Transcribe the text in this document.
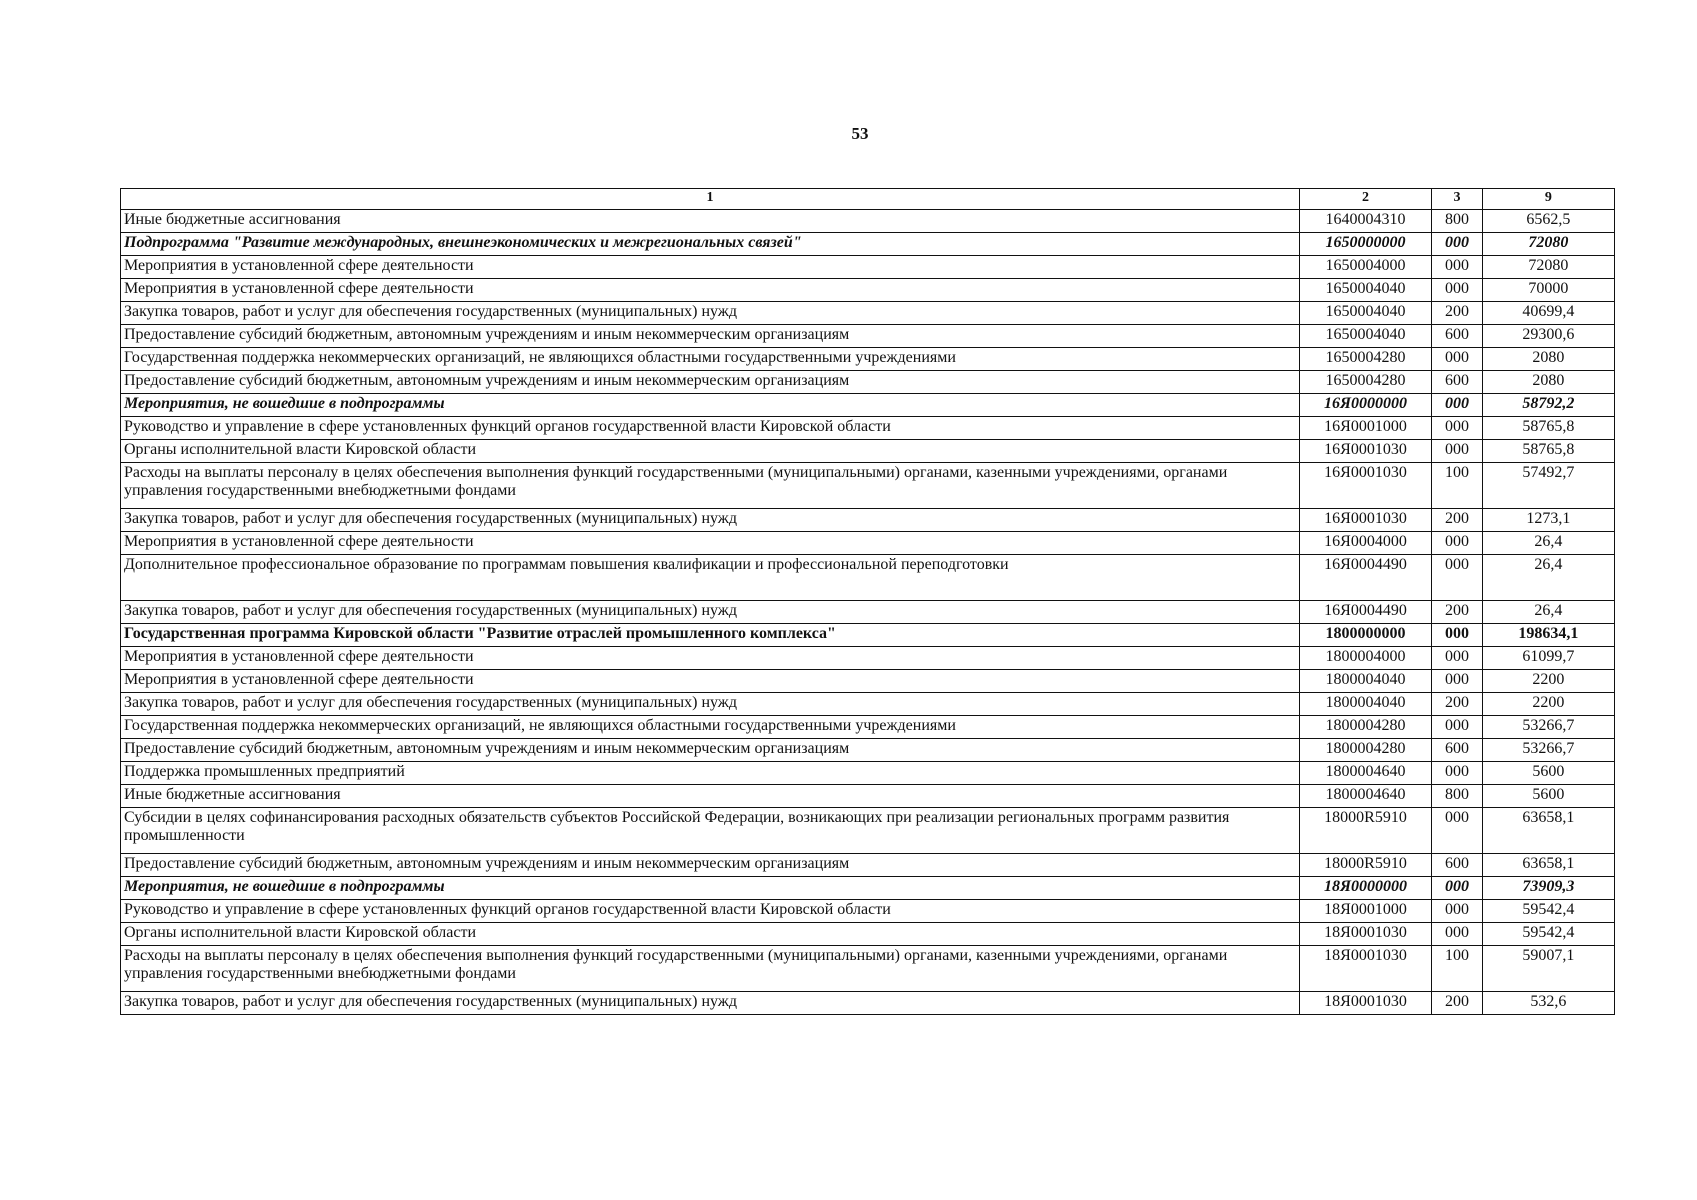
53
1	2	3	9
Иные бюджетные ассигнования	1640004310	800	6562,5
Подпрограмма "Развитие международных, внешнеэкономических и межрегиональных связей"	1650000000	000	72080
Мероприятия в установленной сфере деятельности	1650004000	000	72080
Мероприятия в установленной сфере деятельности	1650004040	000	70000
Закупка товаров, работ и услуг для обеспечения государственных (муниципальных) нужд	1650004040	200	40699,4
Предоставление субсидий бюджетным, автономным учреждениям и иным некоммерческим организациям	1650004040	600	29300,6
Государственная поддержка некоммерческих организаций, не являющихся областными государственными учреждениями	1650004280	000	2080
Предоставление субсидий бюджетным, автономным учреждениям и иным некоммерческим организациям	1650004280	600	2080
Мероприятия, не вошедшие в подпрограммы	16Я0000000	000	58792,2
Руководство и управление в сфере установленных функций органов государственной власти Кировской области	16Я0001000	000	58765,8
Органы исполнительной власти Кировской области	16Я0001030	000	58765,8
Расходы на выплаты персоналу в целях обеспечения выполнения функций государственными (муниципальными) органами, казенными учреждениями, органами управления государственными внебюджетными фондами	16Я0001030	100	57492,7
Закупка товаров, работ и услуг для обеспечения государственных (муниципальных) нужд	16Я0001030	200	1273,1
Мероприятия в установленной сфере деятельности	16Я0004000	000	26,4
Дополнительное профессиональное образование по программам повышения квалификации и профессиональной переподготовки	16Я0004490	000	26,4
Закупка товаров, работ и услуг для обеспечения государственных (муниципальных) нужд	16Я0004490	200	26,4
Государственная программа Кировской области "Развитие отраслей промышленного комплекса"	1800000000	000	198634,1
Мероприятия в установленной сфере деятельности	1800004000	000	61099,7
Мероприятия в установленной сфере деятельности	1800004040	000	2200
Закупка товаров, работ и услуг для обеспечения государственных (муниципальных) нужд	1800004040	200	2200
Государственная поддержка некоммерческих организаций, не являющихся областными государственными учреждениями	1800004280	000	53266,7
Предоставление субсидий бюджетным, автономным учреждениям и иным некоммерческим организациям	1800004280	600	53266,7
Поддержка промышленных предприятий	1800004640	000	5600
Иные бюджетные ассигнования	1800004640	800	5600
Субсидии в целях софинансирования расходных обязательств субъектов Российской Федерации, возникающих при реализации региональных программ развития промышленности	18000R5910	000	63658,1
Предоставление субсидий бюджетным, автономным учреждениям и иным некоммерческим организациям	18000R5910	600	63658,1
Мероприятия, не вошедшие в подпрограммы	18Я0000000	000	73909,3
Руководство и управление в сфере установленных функций органов государственной власти Кировской области	18Я0001000	000	59542,4
Органы исполнительной власти Кировской области	18Я0001030	000	59542,4
Расходы на выплаты персоналу в целях обеспечения выполнения функций государственными (муниципальными) органами, казенными учреждениями, органами управления государственными внебюджетными фондами	18Я0001030	100	59007,1
Закупка товаров, работ и услуг для обеспечения государственных (муниципальных) нужд	18Я0001030	200	532,6
